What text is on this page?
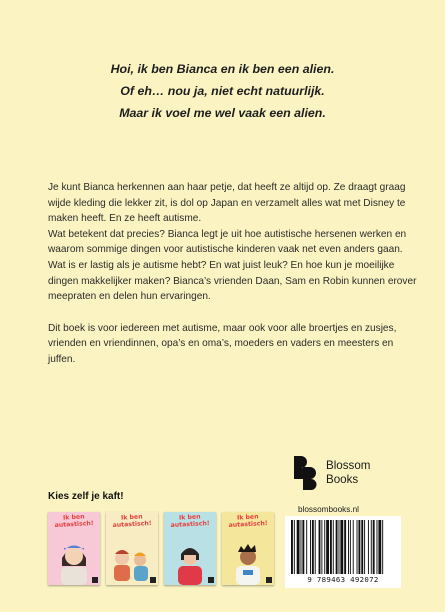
Hoi, ik ben Bianca en ik ben een alien.
Of eh… nou ja, niet echt natuurlijk.
Maar ik voel me wel vaak een alien.

Je kunt Bianca herkennen aan haar petje, dat heeft ze altijd op. Ze draagt graag wijde kleding die lekker zit, is dol op Japan en verzamelt alles wat met Disney te maken heeft. En ze heeft autisme.

Wat betekent dat precies? Bianca legt je uit hoe autistische hersenen werken en waarom sommige dingen voor autistische kinderen vaak net even anders gaan. Wat is er lastig als je autisme hebt? En wat juist leuk? En hoe kun je moeilijke dingen makkelijker maken? Bianca’s vrienden Daan, Sam en Robin kunnen erover meepraten en delen hun ervaringen.

Dit boek is voor iedereen met autisme, maar ook voor alle broertjes en zusjes, vrienden en vriendinnen, opa’s en oma’s, moeders en vaders en meesters en juffen.

Blossom
Books
Kies zelf je kaft!
Ik ben autastisch!
Ik ben autastisch!
Ik ben autastisch!
Ik ben autastisch!
blossombooks.nl
9 789463 492072
